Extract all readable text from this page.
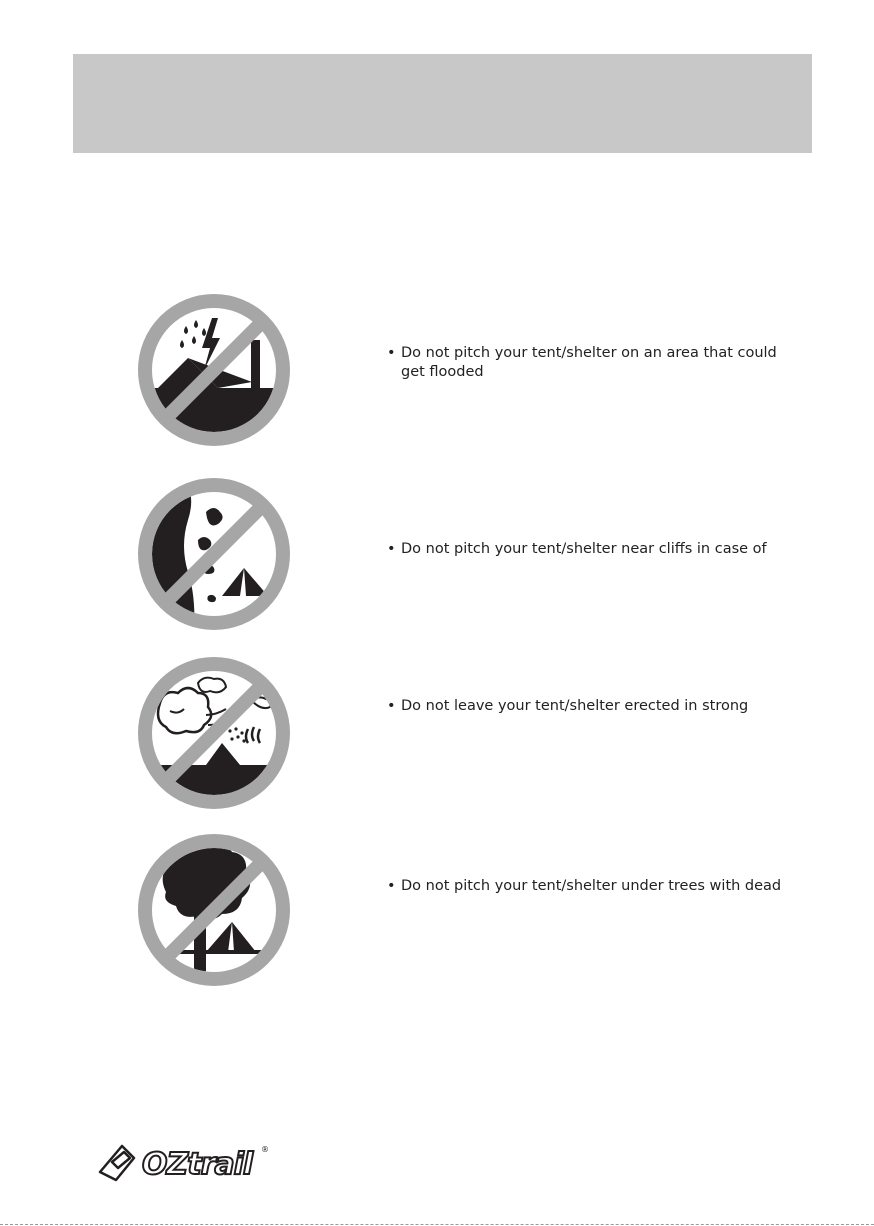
• Do not pitch your tent/shelter on an area that could
get flooded
• Do not pitch your tent/shelter near cliffs in case of
• Do not leave your tent/shelter erected in strong
• Do not pitch your tent/shelter under trees with dead
OZtrail ®
